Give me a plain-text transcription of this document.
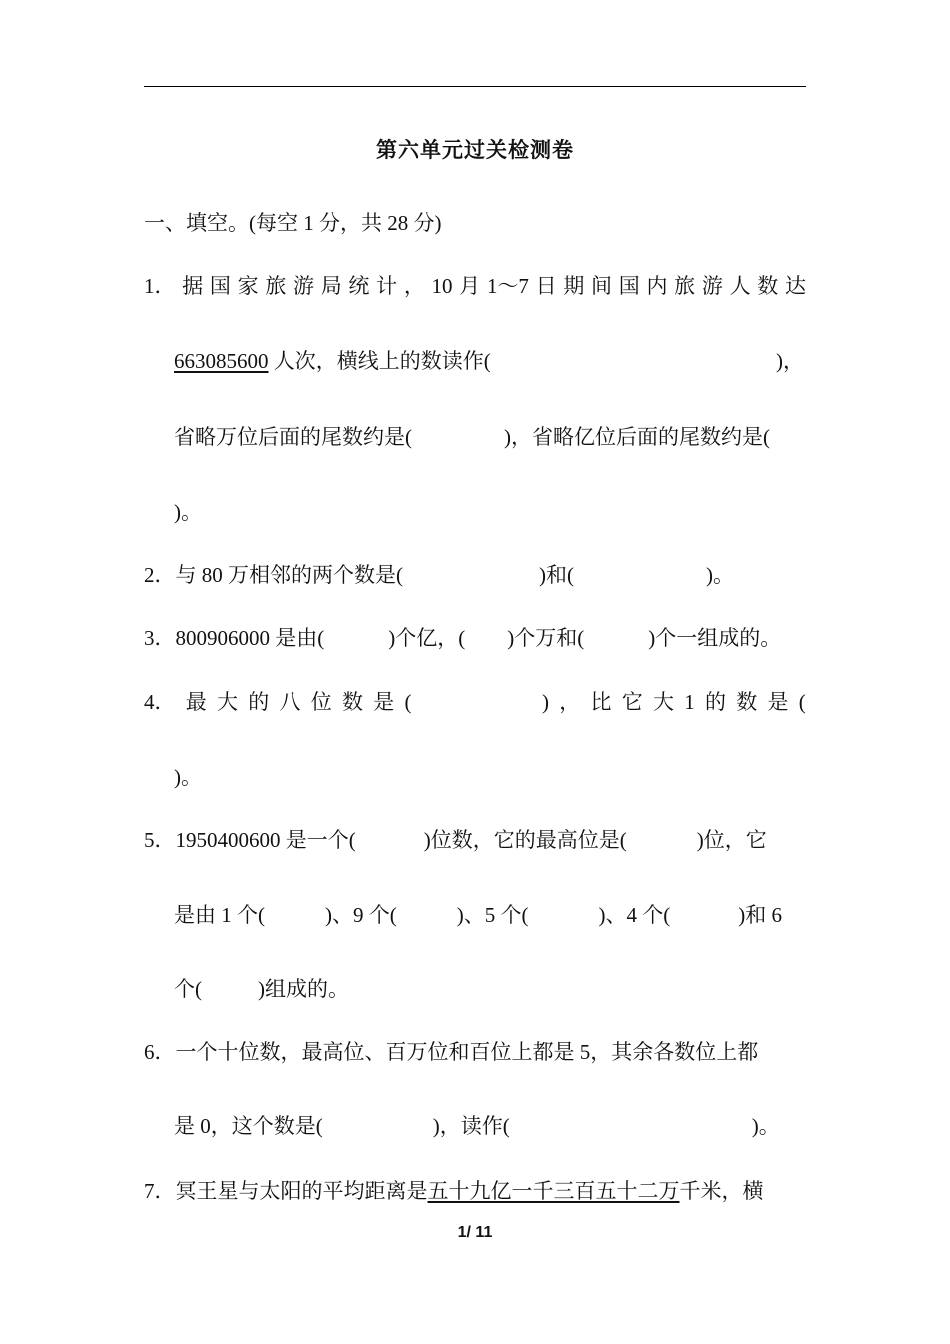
第六单元过关检测卷
一、填空。(每空 1 分，共 28 分)
1． 据 国 家 旅 游 局 统 计 ， 10 月 1～7 日 期 间 国 内 旅 游 人 数 达
663085600 人次，横线上的数读作(	)，
省略万位后面的尾数约是(	)，省略亿位后面的尾数约是(
)。
2．与 80 万相邻的两个数是(	)和(	)。
3．800906000 是由(	)个亿，( )个万和(	)个一组成的。
4． 最 大 的 八 位 数 是 (	) ， 比 它 大 1 的 数 是 (
)。
5．1950400600 是一个(	)位数，它的最高位是(	)位，它
是由 1 个(	)、9 个(	)、5 个(	)、4 个(	)和 6
个(	)组成的。
6．一个十位数，最高位、百万位和百位上都是 5，其余各数位上都
是 0，这个数是(	)，读作(	)。
7．冥王星与太阳的平均距离是五十九亿一千三百五十二万千米，横
1/ 11
